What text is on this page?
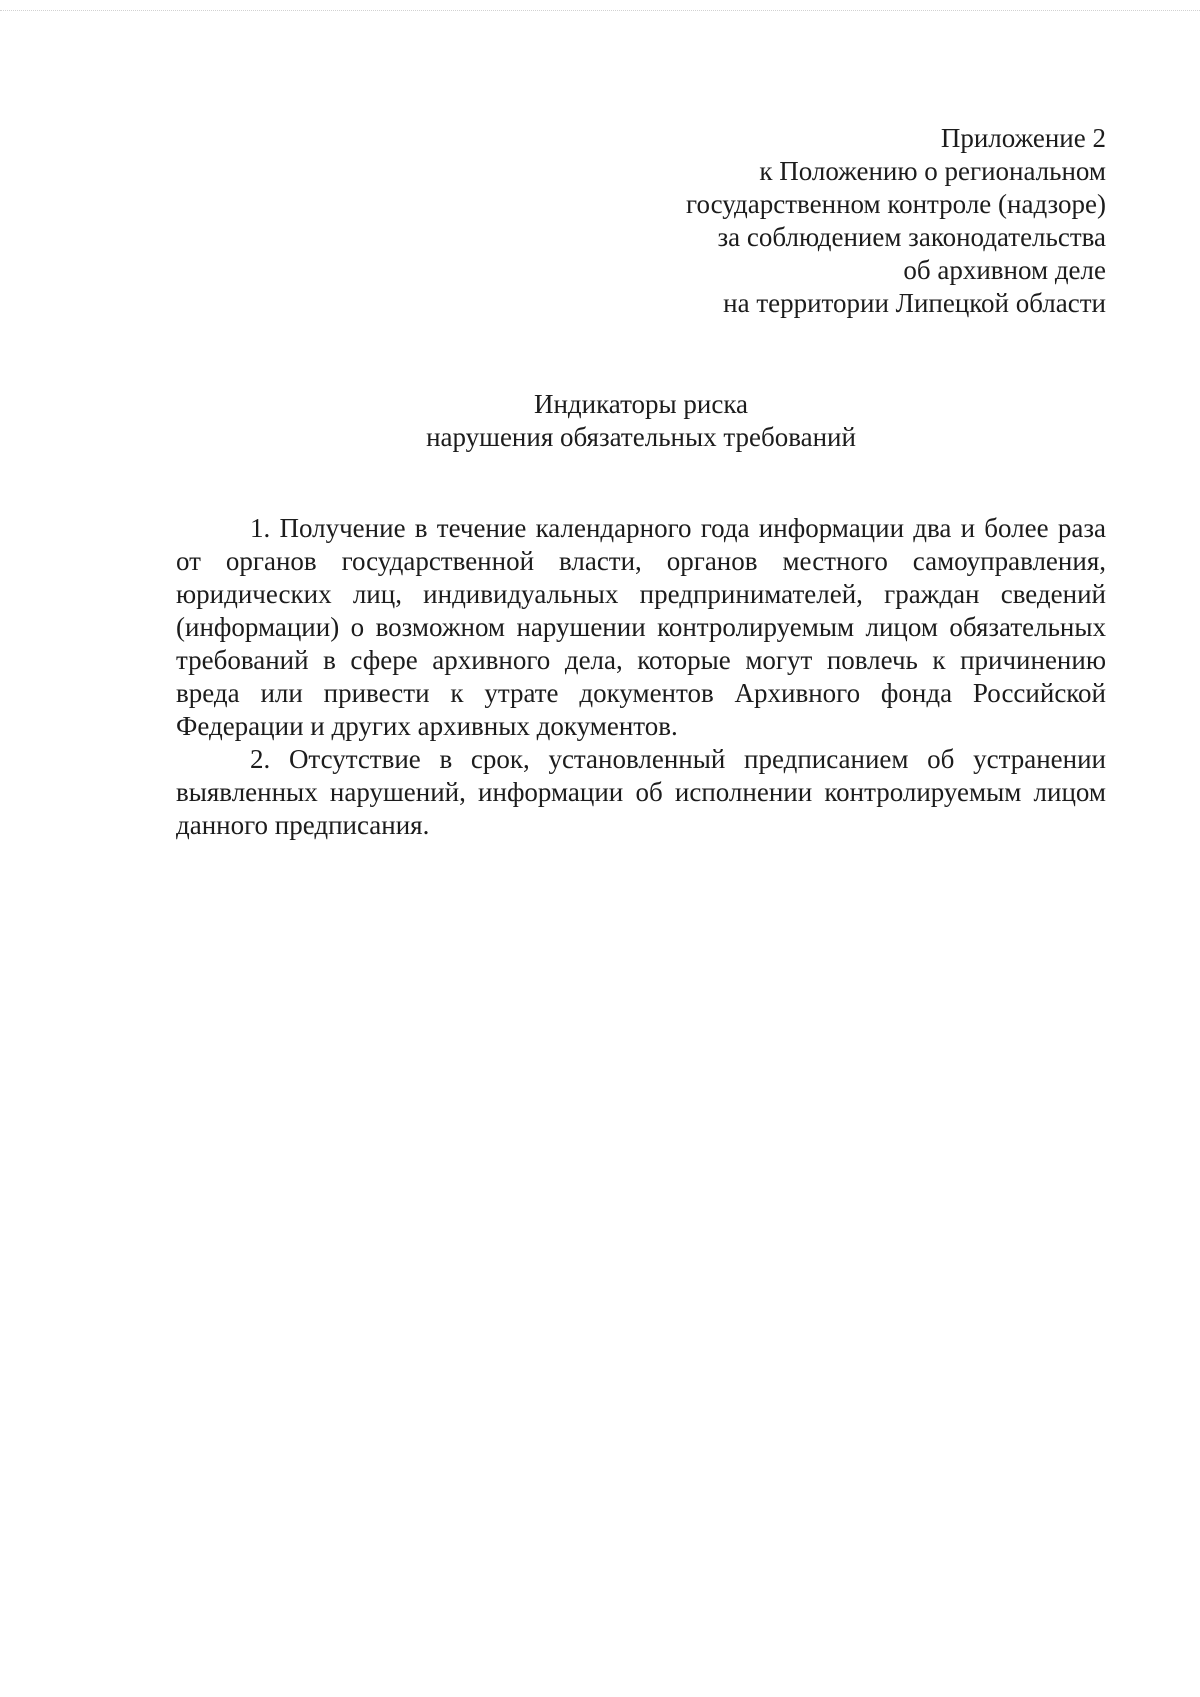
Приложение 2
к Положению о региональном
государственном контроле (надзоре)
за соблюдением законодательства
об архивном деле
на территории Липецкой области
Индикаторы риска
нарушения обязательных требований

1. Получение в течение календарного года информации два и более раза от органов государственной власти, органов местного самоуправления, юридических лиц, индивидуальных предпринимателей, граждан сведений (информации) о возможном нарушении контролируемым лицом обязательных требований в сфере архивного дела, которые могут повлечь к причинению вреда или привести к утрате документов Архивного фонда Российской Федерации и других архивных документов.

2. Отсутствие в срок, установленный предписанием об устранении выявленных нарушений, информации об исполнении контролируемым лицом данного предписания.
